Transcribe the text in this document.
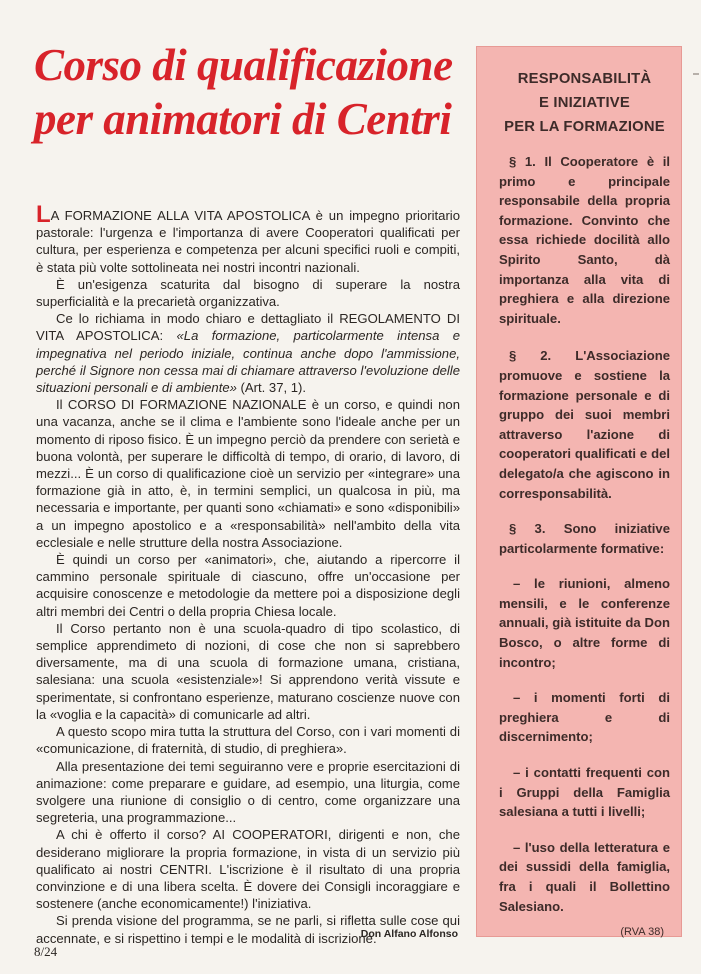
Corso di qualificazione
per animatori di Centri

LA FORMAZIONE ALLA VITA APOSTOLICA è un impegno prioritario pastorale: l'urgenza e l'importanza di avere Cooperatori qualificati per cultura, per esperienza e competenza per alcuni specifici ruoli e compiti, è stata più volte sottolineata nei nostri incontri nazionali.

È un'esigenza scaturita dal bisogno di superare la nostra superficialità e la precarietà organizzativa.

Ce lo richiama in modo chiaro e dettagliato il REGOLAMENTO DI VITA APOSTOLICA: «La formazione, particolarmente intensa e impegnativa nel periodo iniziale, continua anche dopo l'ammissione, perché il Signore non cessa mai di chiamare attraverso l'evoluzione delle situazioni personali e di ambiente» (Art. 37, 1).

Il CORSO DI FORMAZIONE NAZIONALE è un corso, e quindi non una vacanza, anche se il clima e l'ambiente sono l'ideale anche per un momento di riposo fisico. È un impegno perciò da prendere con serietà e buona volontà, per superare le difficoltà di tempo, di orario, di lavoro, di mezzi... È un corso di qualificazione cioè un servizio per «integrare» una formazione già in atto, è, in termini semplici, un qualcosa in più, ma necessaria e importante, per quanti sono «chiamati» e sono «disponibili» a un impegno apostolico e a «responsabilità» nell'ambito della vita ecclesiale e nelle strutture della nostra Associazione.

È quindi un corso per «animatori», che, aiutando a ripercorre il cammino personale spirituale di ciascuno, offre un'occasione per acquisire conoscenze e metodologie da mettere poi a disposizione degli altri membri dei Centri o della propria Chiesa locale.

Il Corso pertanto non è una scuola-quadro di tipo scolastico, di semplice apprendimeto di nozioni, di cose che non si saprebbero diversamente, ma di una scuola di formazione umana, cristiana, salesiana: una scuola «esistenziale»! Si apprendono verità vissute e sperimentate, si confrontano esperienze, maturano coscienze nuove con la «voglia e la capacità» di comunicarle ad altri.

A questo scopo mira tutta la struttura del Corso, con i vari momenti di «comunicazione, di fraternità, di studio, di preghiera».

Alla presentazione dei temi seguiranno vere e proprie esercitazioni di animazione: come preparare e guidare, ad esempio, una liturgia, come svolgere una riunione di consiglio o di centro, come organizzare una segreteria, una programmazione...

A chi è offerto il corso? AI COOPERATORI, dirigenti e non, che desiderano migliorare la propria formazione, in vista di un servizio più qualificato ai nostri CENTRI. L'iscrizione è il risultato di una propria convinzione e di una libera scelta. È dovere dei Consigli incoraggiare e sostenere (anche economicamente!) l'iniziativa.

Si prenda visione del programma, se ne parli, si rifletta sulle cose qui accennate, e si rispettino i tempi e le modalità di iscrizione.

Don Alfano Alfonso
8/24
RESPONSABILITÀ
E INIZIATIVE
PER LA FORMAZIONE

§ 1. Il Cooperatore è il primo e principale responsabile della propria formazione. Convinto che essa richiede docilità allo Spirito Santo, dà importanza alla vita di preghiera e alla direzione spirituale.

§ 2. L'Associazione promuove e sostiene la formazione personale e di gruppo dei suoi membri attraverso l'azione di cooperatori qualificati e del delegato/a che agiscono in corresponsabilità.

§ 3. Sono iniziative particolarmente formative:

– le riunioni, almeno mensili, e le conferenze annuali, già istituite da Don Bosco, o altre forme di incontro;

– i momenti forti di preghiera e di discernimento;

– i contatti frequenti con i Gruppi della Famiglia salesiana a tutti i livelli;

– l'uso della letteratura e dei sussidi della famiglia, fra i quali il Bollettino Salesiano.

(RVA 38)
